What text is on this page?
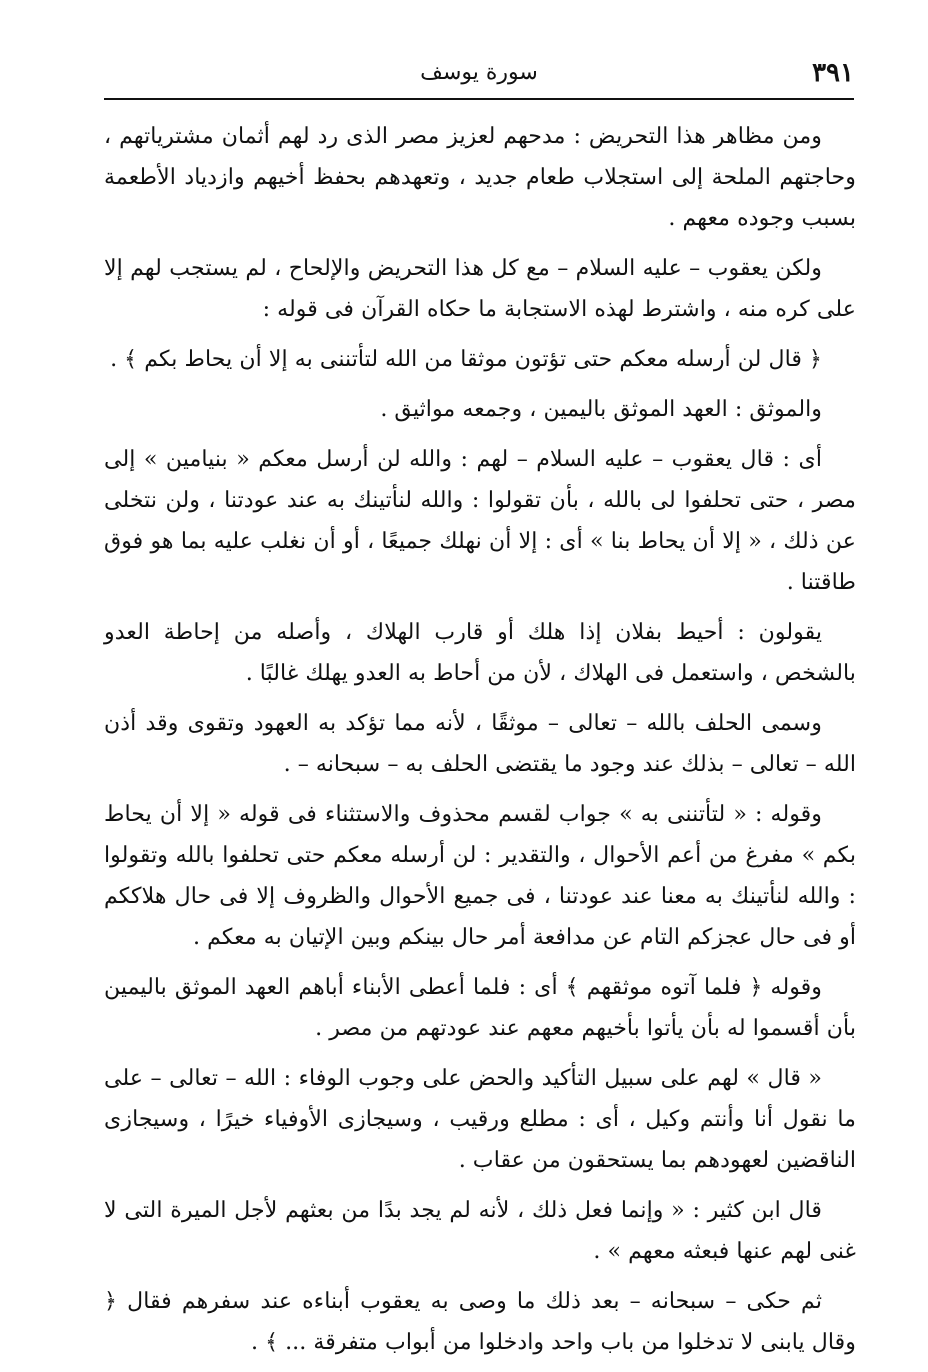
٣٩١
سورة يوسف

ومن مظاهر هذا التحريض : مدحهم لعزيز مصر الذى رد لهم أثمان مشترياتهم ، وحاجتهم الملحة إلى استجلاب طعام جديد ، وتعهدهم بحفظ أخيهم وازدياد الأطعمة بسبب وجوده معهم .

ولكن يعقوب – عليه السلام – مع كل هذا التحريض والإلحاح ، لم يستجب لهم إلا على كره منه ، واشترط لهذه الاستجابة ما حكاه القرآن فى قوله :

﴿ قال لن أرسله معكم حتى تؤتون موثقا من الله لتأتننى به إلا أن يحاط بكم ﴾ .

والموثق : العهد الموثق باليمين ، وجمعه مواثيق .

أى : قال يعقوب – عليه السلام – لهم : والله لن أرسل معكم « بنيامين » إلى مصر ، حتى تحلفوا لى بالله ، بأن تقولوا : والله لنأتينك به عند عودتنا ، ولن نتخلى عن ذلك ، « إلا أن يحاط بنا » أى : إلا أن نهلك جميعًا ، أو أن نغلب عليه بما هو فوق طاقتنا .

يقولون : أحيط بفلان إذا هلك أو قارب الهلاك ، وأصله من إحاطة العدو بالشخص ، واستعمل فى الهلاك ، لأن من أحاط به العدو يهلك غالبًا .

وسمى الحلف بالله – تعالى – موثقًا ، لأنه مما تؤكد به العهود وتقوى وقد أذن الله – تعالى – بذلك عند وجود ما يقتضى الحلف به – سبحانه – .

وقوله : « لتأتننى به » جواب لقسم محذوف والاستثناء فى قوله « إلا أن يحاط بكم » مفرغ من أعم الأحوال ، والتقدير : لن أرسله معكم حتى تحلفوا بالله وتقولوا : والله لنأتينك به معنا عند عودتنا ، فى جميع الأحوال والظروف إلا فى حال هلاككم أو فى حال عجزكم التام عن مدافعة أمر حال بينكم وبين الإتيان به معكم .

وقوله ﴿ فلما آتوه موثقهم ﴾ أى : فلما أعطى الأبناء أباهم العهد الموثق باليمين بأن أقسموا له بأن يأتوا بأخيهم معهم عند عودتهم من مصر .

« قال » لهم على سبيل التأكيد والحض على وجوب الوفاء : الله – تعالى – على ما نقول أنا وأنتم وكيل ، أى : مطلع ورقيب ، وسيجازى الأوفياء خيرًا ، وسيجازى الناقضين لعهودهم بما يستحقون من عقاب .

قال ابن كثير : « وإنما فعل ذلك ، لأنه لم يجد بدًا من بعثهم لأجل الميرة التى لا غنى لهم عنها فبعثه معهم » .

ثم حكى – سبحانه – بعد ذلك ما وصى به يعقوب أبناءه عند سفرهم فقال ﴿ وقال يابنى لا تدخلوا من باب واحد وادخلوا من أبواب متفرقة ... ﴾ .
